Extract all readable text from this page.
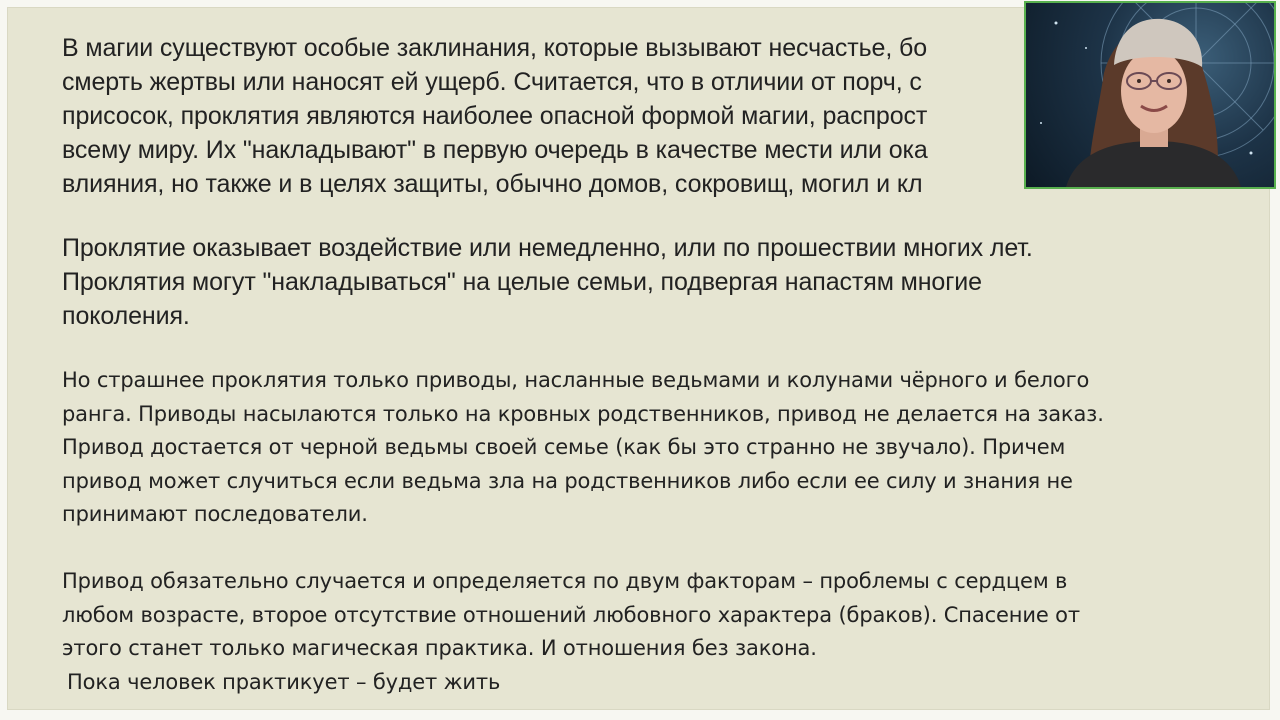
В магии существуют особые заклинания, которые вызывают несчастье, бо
смерть жертвы или наносят ей ущерб. Считается, что в отличии от порч, с
присосок, проклятия являются наиболее опасной формой магии, распрост
всему миру. Их "накладывают" в первую очередь в качестве мести или ока
влияния, но также и в целях защиты, обычно домов, сокровищ, могил и кл

Проклятие оказывает воздействие или немедленно, или по прошествии многих лет.
Проклятия могут "накладываться" на целые семьи, подвергая напастям многие
поколения.

Но страшнее проклятия только приводы, насланные ведьмами и колунами чёрного и белого
ранга. Приводы насылаются только на кровных родственников, привод не делается на заказ.
Привод достается от черной ведьмы своей семье (как бы это странно не звучало). Причем
привод может случиться если ведьма зла на родственников либо если ее силу и знания не
принимают последователи.

Привод обязательно случается и определяется по двум факторам – проблемы с сердцем в
любом возрасте, второе отсутствие отношений любовного характера (браков). Спасение от
этого станет только магическая практика. И отношения без закона.
Пока человек практикует – будет жить
